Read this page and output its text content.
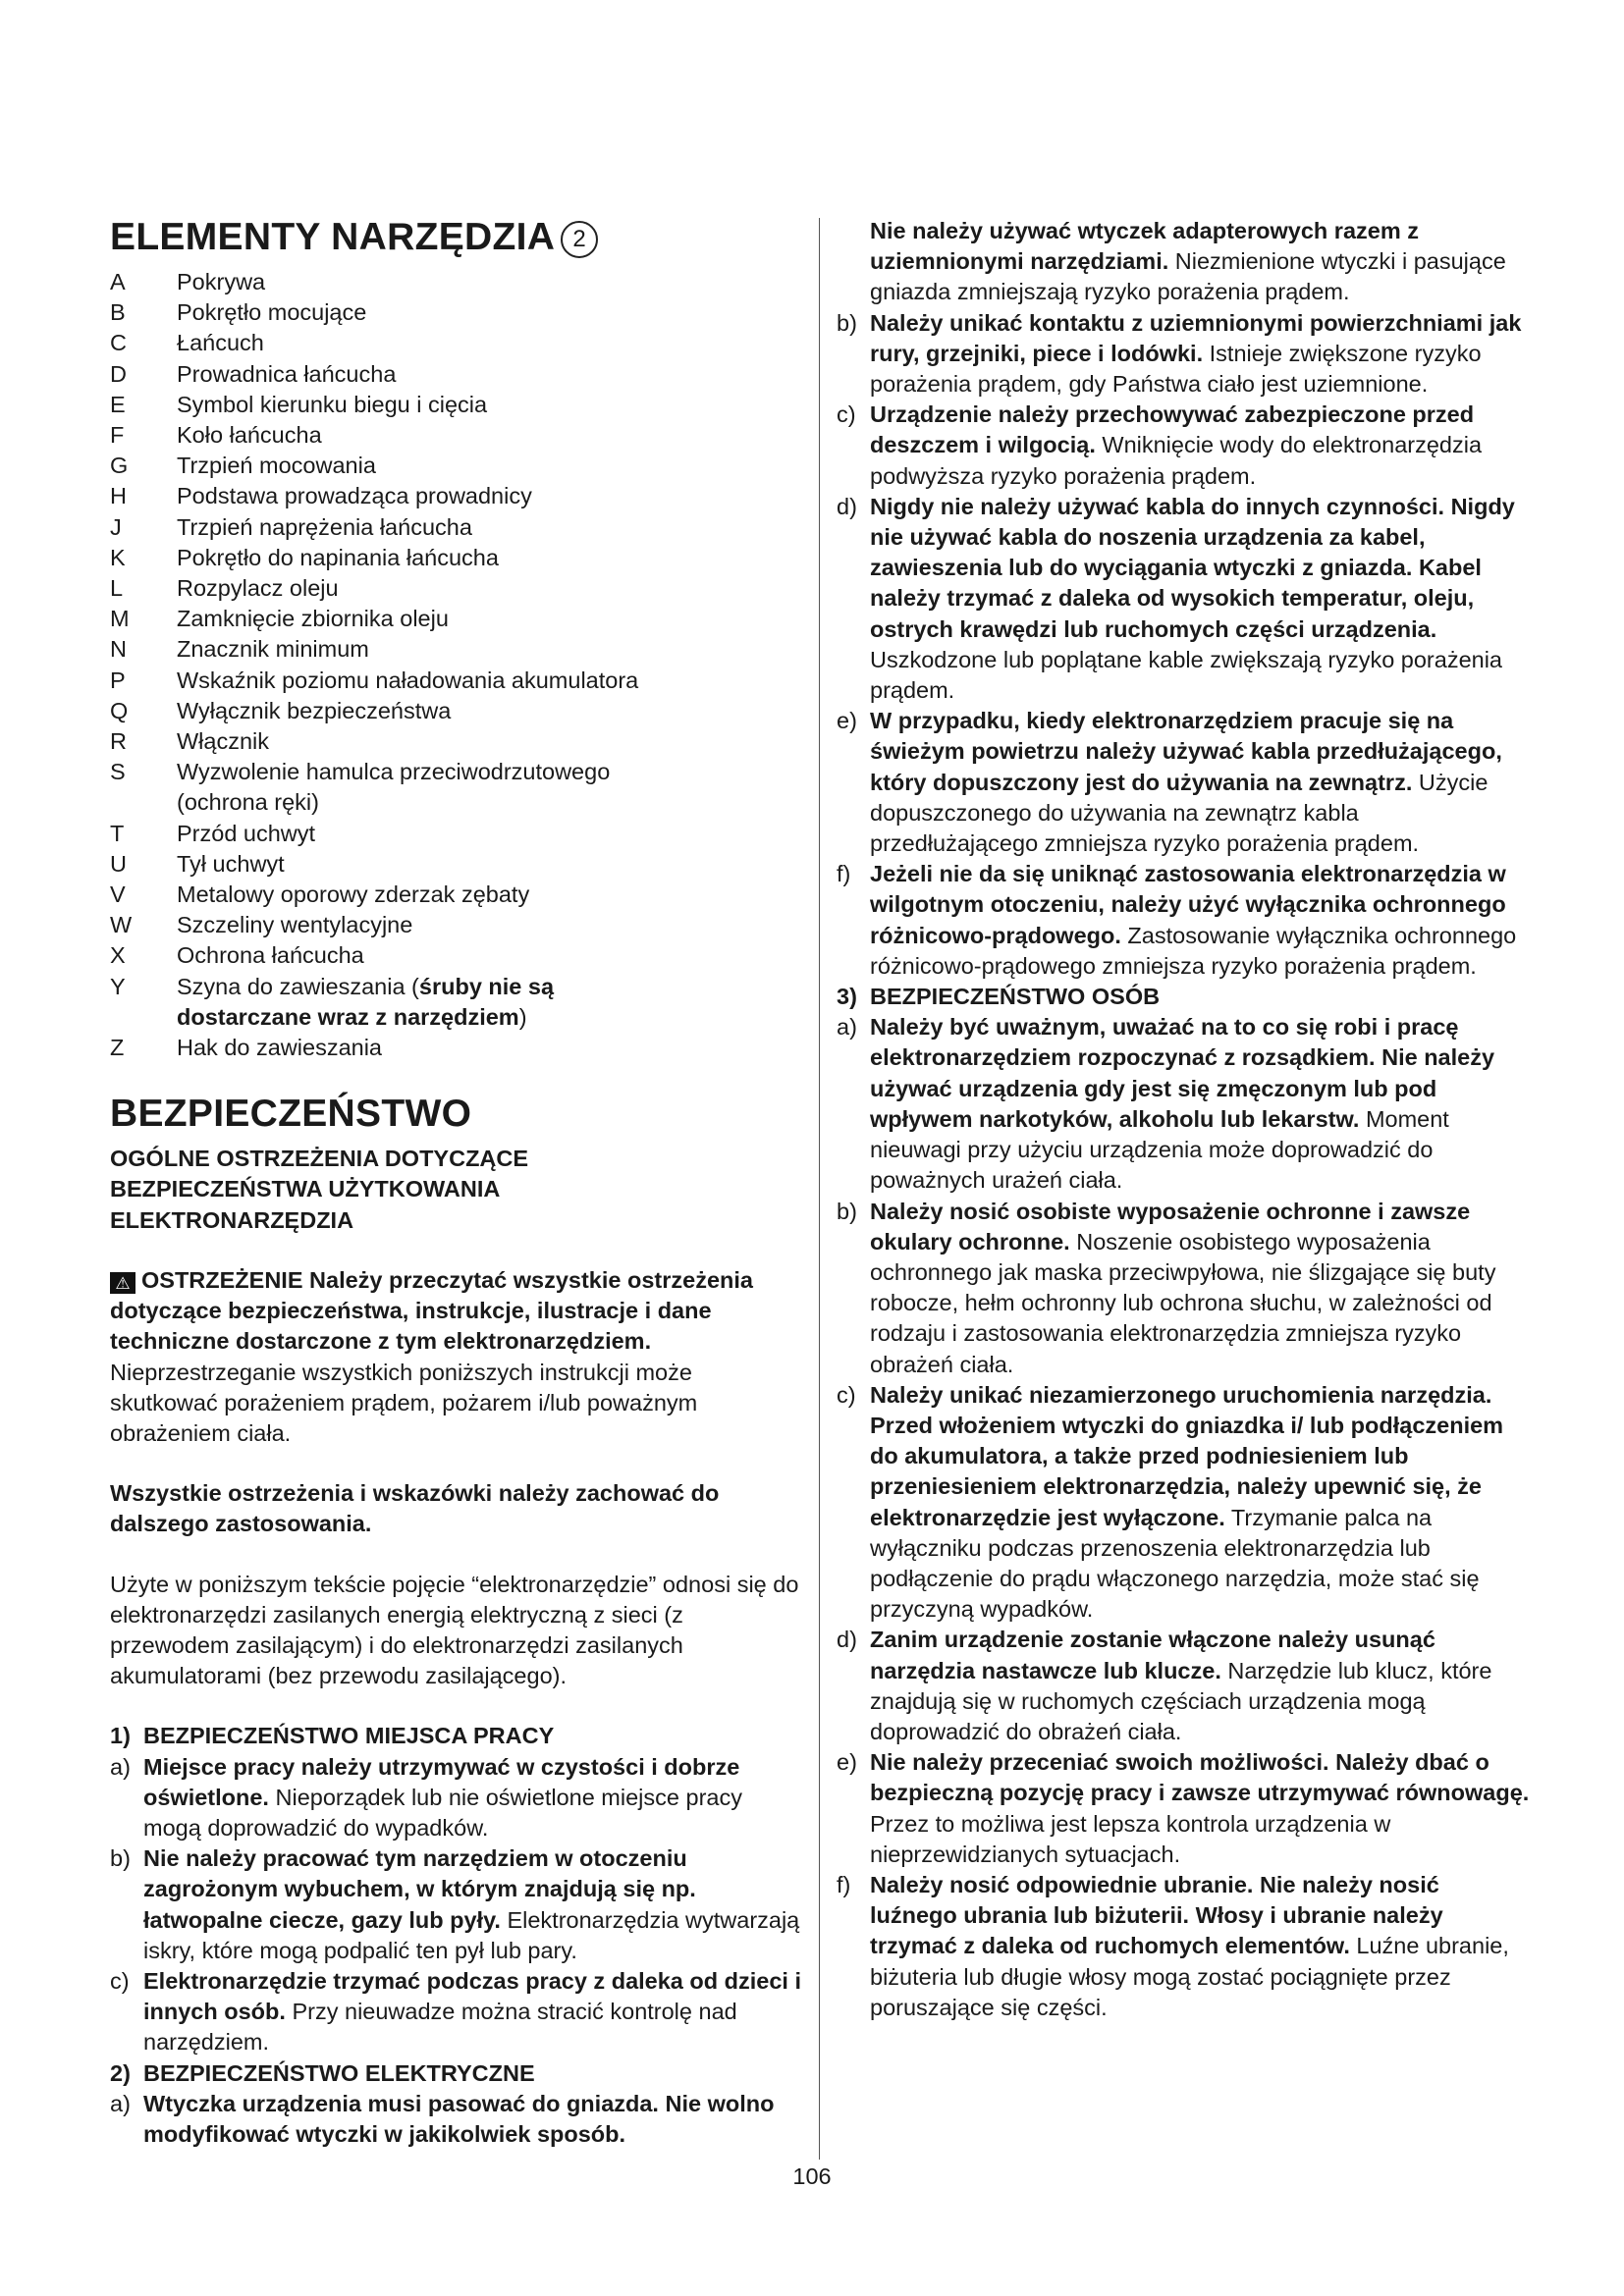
ELEMENTY NARZĘDZIA 2
A	Pokrywa
B	Pokrętło mocujące
C	Łańcuch
D	Prowadnica łańcucha
E	Symbol kierunku biegu i cięcia
F	Koło łańcucha
G	Trzpień mocowania
H	Podstawa prowadząca prowadnicy
J	Trzpień naprężenia łańcucha
K	Pokrętło do napinania łańcucha
L	Rozpylacz oleju
M	Zamknięcie zbiornika oleju
N	Znacznik minimum
P	Wskaźnik poziomu naładowania akumulatora
Q	Wyłącznik bezpieczeństwa
R	Włącznik
S	Wyzwolenie hamulca przeciwodrzutowego
(ochrona ręki)
T	Przód uchwyt
U	Tył uchwyt
V	Metalowy oporowy zderzak zębaty
W	Szczeliny wentylacyjne
X	Ochrona łańcucha
Y	Szyna do zawieszania (śruby nie są
dostarczane wraz z narzędziem)
Z	Hak do zawieszania
BEZPIECZEŃSTWO
OGÓLNE OSTRZEŻENIA DOTYCZĄCE
BEZPIECZEŃSTWA UŻYTKOWANIA
ELEKTRONARZĘDZIA

⚠ OSTRZEŻENIE Należy przeczytać wszystkie ostrzeżenia dotyczące bezpieczeństwa, instrukcje, ilustracje i dane techniczne dostarczone z tym elektronarzędziem. Nieprzestrzeganie wszystkich poniższych instrukcji może skutkować porażeniem prądem, pożarem i/lub poważnym obrażeniem ciała.

Wszystkie ostrzeżenia i wskazówki należy zachować do dalszego zastosowania.

Użyte w poniższym tekście pojęcie “elektronarzędzie” odnosi się do elektronarzędzi zasilanych energią elektryczną z sieci (z przewodem zasilającym) i do elektronarzędzi zasilanych akumulatorami (bez przewodu zasilającego).

1) BEZPIECZEŃSTWO MIEJSCA PRACY
a) Miejsce pracy należy utrzymywać w czystości i dobrze oświetlone. Nieporządek lub nie oświetlone miejsce pracy mogą doprowadzić do wypadków.
b) Nie należy pracować tym narzędziem w otoczeniu zagrożonym wybuchem, w którym znajdują się np. łatwopalne ciecze, gazy lub pyły. Elektronarzędzia wytwarzają iskry, które mogą podpalić ten pył lub pary.
c) Elektronarzędzie trzymać podczas pracy z daleka od dzieci i innych osób. Przy nieuwadze można stracić kontrolę nad narzędziem.
2) BEZPIECZEŃSTWO ELEKTRYCZNE
a) Wtyczka urządzenia musi pasować do gniazda. Nie wolno modyfikować wtyczki w jakikolwiek sposób.

Nie należy używać wtyczek adapterowych razem z uziemnionymi narzędziami. Niezmienione wtyczki i pasujące gniazda zmniejszają ryzyko porażenia prądem.

b) Należy unikać kontaktu z uziemnionymi powierzchniami jak rury, grzejniki, piece i lodówki. Istnieje zwiększone ryzyko porażenia prądem, gdy Państwa ciało jest uziemnione.
c) Urządzenie należy przechowywać zabezpieczone przed deszczem i wilgocią. Wniknięcie wody do elektronarzędzia podwyższa ryzyko porażenia prądem.
d) Nigdy nie należy używać kabla do innych czynności. Nigdy nie używać kabla do noszenia urządzenia za kabel, zawieszenia lub do wyciągania wtyczki z gniazda. Kabel należy trzymać z daleka od wysokich temperatur, oleju, ostrych krawędzi lub ruchomych części urządzenia. Uszkodzone lub poplątane kable zwiększają ryzyko porażenia prądem.
e) W przypadku, kiedy elektronarzędziem pracuje się na świeżym powietrzu należy używać kabla przedłużającego, który dopuszczony jest do używania na zewnątrz. Użycie dopuszczonego do używania na zewnątrz kabla przedłużającego zmniejsza ryzyko porażenia prądem.
f) Jeżeli nie da się uniknąć zastosowania elektronarzędzia w wilgotnym otoczeniu, należy użyć wyłącznika ochronnego różnicowo-prądowego. Zastosowanie wyłącznika ochronnego różnicowo-prądowego zmniejsza ryzyko porażenia prądem.
3) BEZPIECZEŃSTWO OSÓB
a) Należy być uważnym, uważać na to co się robi i pracę elektronarzędziem rozpoczynać z rozsądkiem. Nie należy używać urządzenia gdy jest się zmęczonym lub pod wpływem narkotyków, alkoholu lub lekarstw. Moment nieuwagi przy użyciu urządzenia może doprowadzić do poważnych urażeń ciała.
b) Należy nosić osobiste wyposażenie ochronne i zawsze okulary ochronne. Noszenie osobistego wyposażenia ochronnego jak maska przeciwpyłowa, nie ślizgające się buty robocze, hełm ochronny lub ochrona słuchu, w zależności od rodzaju i zastosowania elektronarzędzia zmniejsza ryzyko obrażeń ciała.
c) Należy unikać niezamierzonego uruchomienia narzędzia. Przed włożeniem wtyczki do gniazdka i/ lub podłączeniem do akumulatora, a także przed podniesieniem lub przeniesieniem elektronarzędzia, należy upewnić się, że elektronarzędzie jest wyłączone. Trzymanie palca na wyłączniku podczas przenoszenia elektronarzędzia lub podłączenie do prądu włączonego narzędzia, może stać się przyczyną wypadków.
d) Zanim urządzenie zostanie włączone należy usunąć narzędzia nastawcze lub klucze. Narzędzie lub klucz, które znajdują się w ruchomych częściach urządzenia mogą doprowadzić do obrażeń ciała.
e) Nie należy przeceniać swoich możliwości. Należy dbać o bezpieczną pozycję pracy i zawsze utrzymywać równowagę. Przez to możliwa jest lepsza kontrola urządzenia w nieprzewidzianych sytuacjach.
f) Należy nosić odpowiednie ubranie. Nie należy nosić luźnego ubrania lub biżuterii. Włosy i ubranie należy trzymać z daleka od ruchomych elementów. Luźne ubranie, biżuteria lub długie włosy mogą zostać pociągnięte przez poruszające się części.
106
